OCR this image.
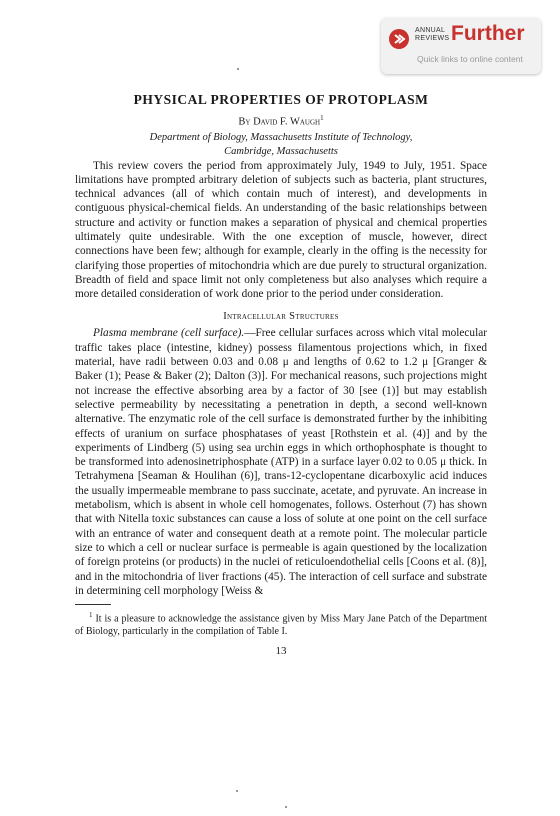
ANNUAL
REVIEWS Further
Quick links to online content
PHYSICAL PROPERTIES OF PROTOPLASM
By David F. Waugh$^1$
Department of Biology, Massachusetts Institute of Technology,
Cambridge, Massachusetts

This review covers the period from approximately July, 1949 to July, 1951. Space limitations have prompted arbitrary deletion of subjects such as bacteria, plant structures, technical advances (all of which contain much of interest), and developments in contiguous physical-chemical fields. An understanding of the basic relationships between structure and activity or function makes a separation of physical and chemical properties ultimately quite undesirable. With the one exception of muscle, however, direct connections have been few; although for example, clearly in the offing is the necessity for clarifying those properties of mitochondria which are due purely to structural organization. Breadth of field and space limit not only completeness but also analyses which require a more detailed consideration of work done prior to the period under consideration.

Intracellular Structures

Plasma membrane (cell surface).—Free cellular surfaces across which vital molecular traffic takes place (intestine, kidney) possess filamentous projections which, in fixed material, have radii between 0.03 and 0.08 μ and lengths of 0.62 to 1.2 μ [Granger & Baker (1); Pease & Baker (2); Dalton (3)]. For mechanical reasons, such projections might not increase the effective absorbing area by a factor of 30 [see (1)] but may establish selective permeability by necessitating a penetration in depth, a second well-known alternative. The enzymatic role of the cell surface is demonstrated further by the inhibiting effects of uranium on surface phosphatases of yeast [Rothstein et al. (4)] and by the experiments of Lindberg (5) using sea urchin eggs in which orthophosphate is thought to be transformed into adenosinetriphosphate (ATP) in a surface layer 0.02 to 0.05 μ thick. In Tetrahymena [Seaman & Houlihan (6)], trans-12-cyclopentane dicarboxylic acid induces the usually impermeable membrane to pass succinate, acetate, and pyruvate. An increase in metabolism, which is absent in whole cell homogenates, follows. Osterhout (7) has shown that with Nitella toxic substances can cause a loss of solute at one point on the cell surface with an entrance of water and consequent death at a remote point. The molecular particle size to which a cell or nuclear surface is permeable is again questioned by the localization of foreign proteins (or products) in the nuclei of reticuloendothelial cells [Coons et al. (8)], and in the mitochondria of liver fractions (45). The interaction of cell surface and substrate in determining cell morphology [Weiss &

$^1$ It is a pleasure to acknowledge the assistance given by Miss Mary Jane Patch of the Department of Biology, particularly in the compilation of Table I.

13
